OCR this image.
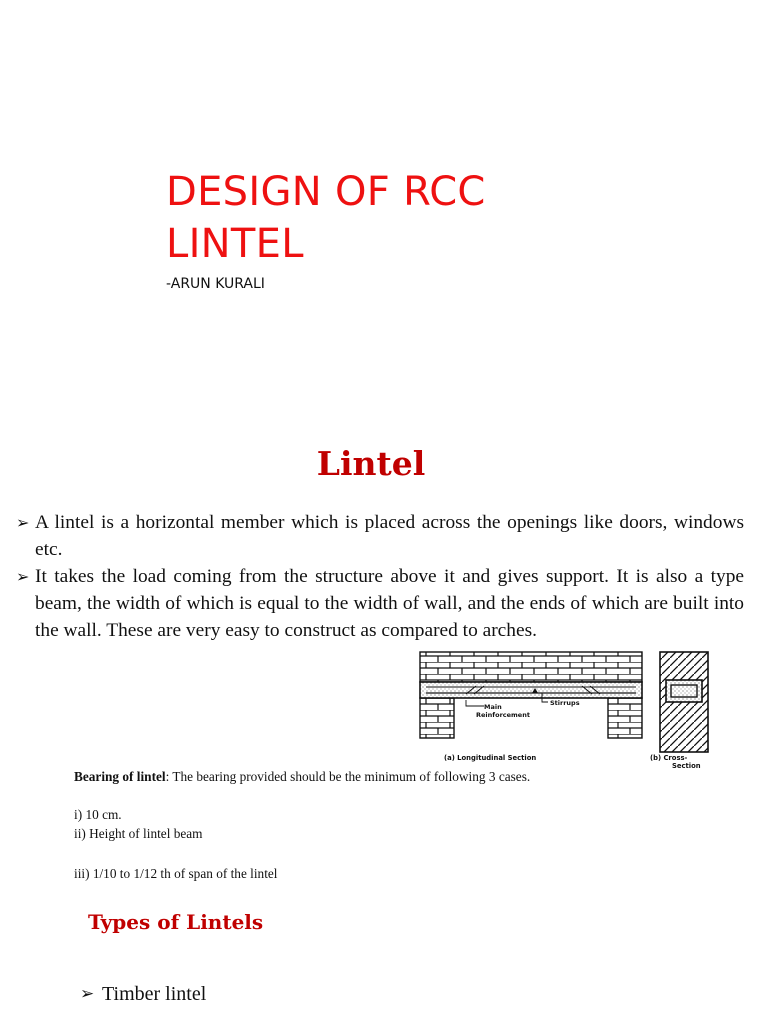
DESIGN OF RCC
LINTEL

-ARUN KURALI

Lintel
➢ A lintel is a horizontal member which is placed across the openings like doors, windows etc.
➢ It takes the load coming from the structure above it and gives support. It is also a type beam, the width of which is equal to the width of wall, and the ends of which are built into the wall. These are very easy to construct as compared to arches.
Stirrups
Main
Reinforcement
(a) Longitudinal Section	(b) Cross-
Section

Bearing of lintel: The bearing provided should be the minimum of following 3 cases.

i) 10 cm.

ii) Height of lintel beam

iii) 1/10 to 1/12 th of span of the lintel
Types of Lintels
➢ Timber lintel
